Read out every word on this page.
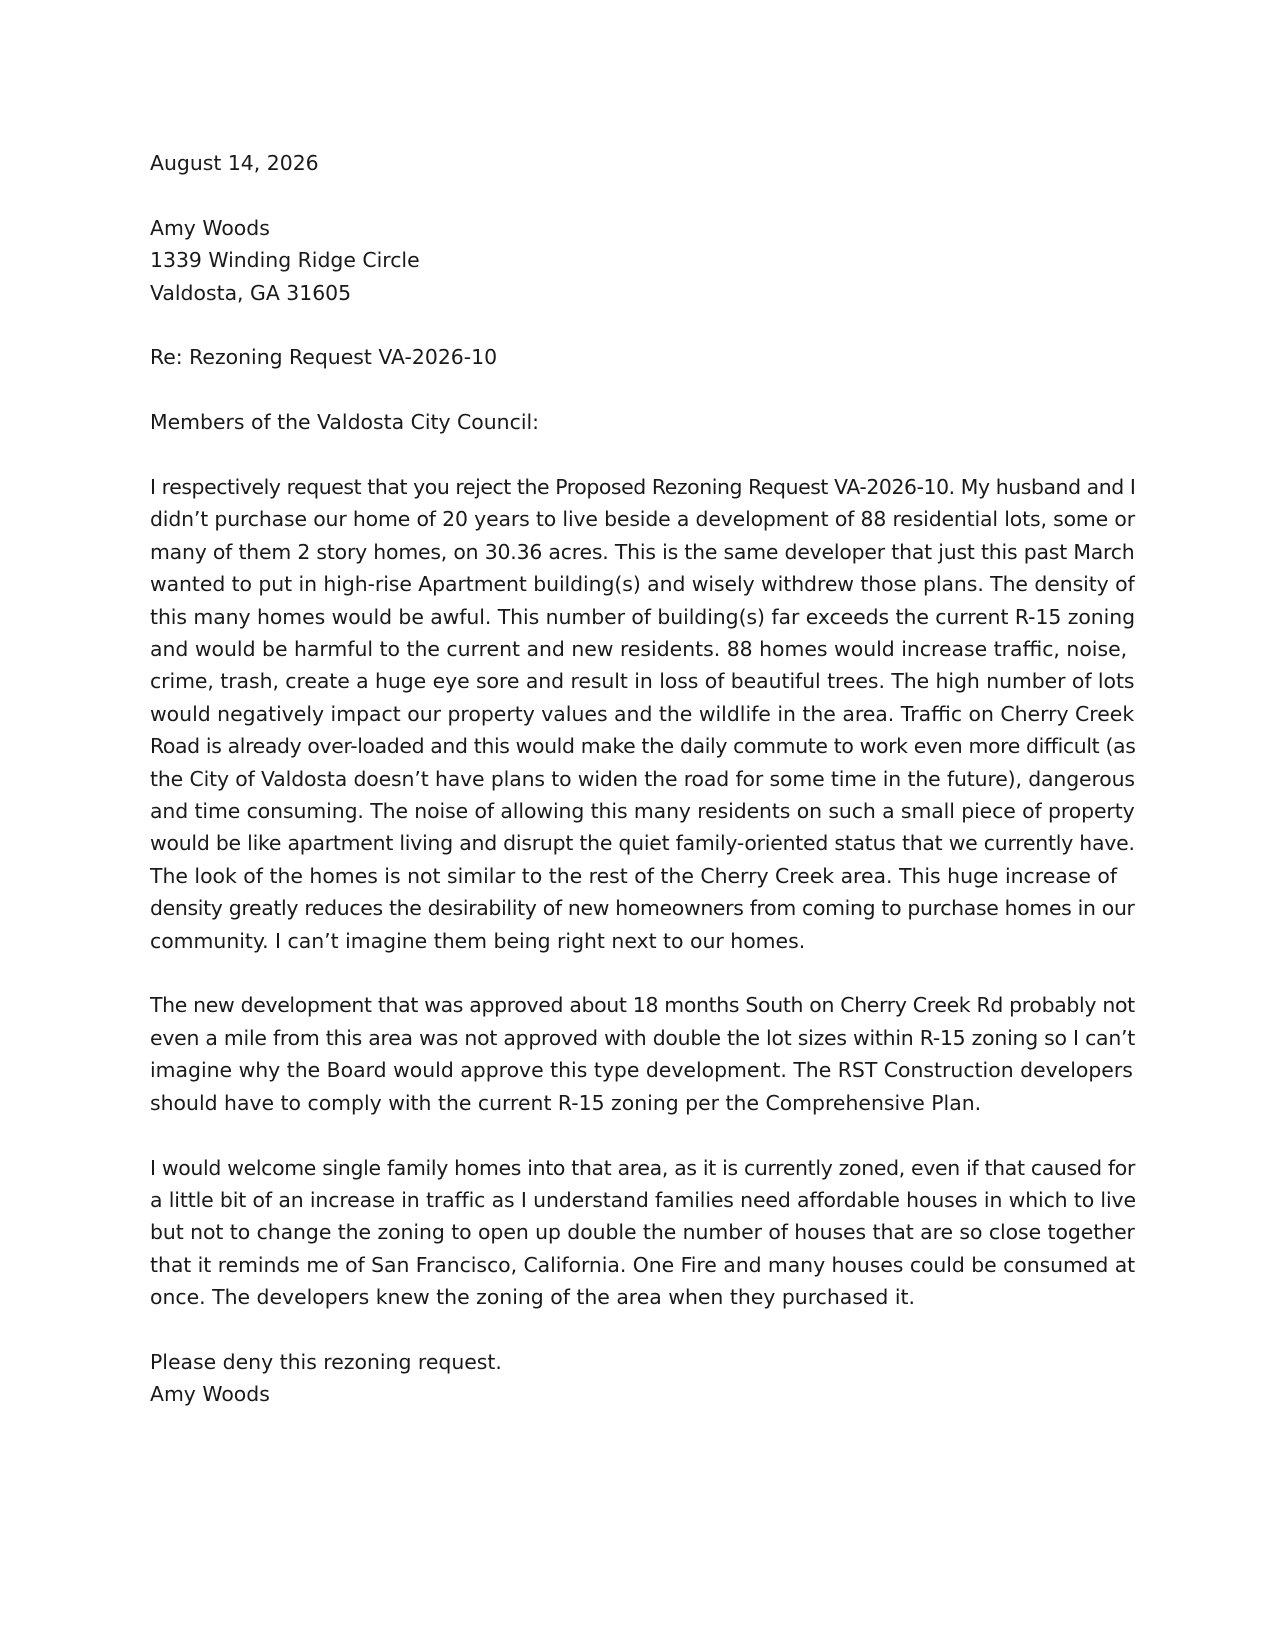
August 14, 2026
Amy Woods
1339 Winding Ridge Circle
Valdosta, GA 31605
Re: Rezoning Request VA-2026-10
Members of the Valdosta City Council:
I respectively request that you reject the Proposed Rezoning Request VA-2026-10. My husband and I
didn’t purchase our home of 20 years to live beside a development of 88 residential lots, some or
many of them 2 story homes, on 30.36 acres. This is the same developer that just this past March
wanted to put in high-rise Apartment building(s) and wisely withdrew those plans. The density of
this many homes would be awful. This number of building(s) far exceeds the current R-15 zoning
and would be harmful to the current and new residents. 88 homes would increase traffic, noise,
crime, trash, create a huge eye sore and result in loss of beautiful trees. The high number of lots
would negatively impact our property values and the wildlife in the area. Traffic on Cherry Creek
Road is already over-loaded and this would make the daily commute to work even more difficult (as
the City of Valdosta doesn’t have plans to widen the road for some time in the future), dangerous
and time consuming. The noise of allowing this many residents on such a small piece of property
would be like apartment living and disrupt the quiet family-oriented status that we currently have.
The look of the homes is not similar to the rest of the Cherry Creek area. This huge increase of
density greatly reduces the desirability of new homeowners from coming to purchase homes in our
community. I can’t imagine them being right next to our homes.
The new development that was approved about 18 months South on Cherry Creek Rd probably not
even a mile from this area was not approved with double the lot sizes within R-15 zoning so I can’t
imagine why the Board would approve this type development. The RST Construction developers
should have to comply with the current R-15 zoning per the Comprehensive Plan.
I would welcome single family homes into that area, as it is currently zoned, even if that caused for
a little bit of an increase in traffic as I understand families need affordable houses in which to live
but not to change the zoning to open up double the number of houses that are so close together
that it reminds me of San Francisco, California. One Fire and many houses could be consumed at
once. The developers knew the zoning of the area when they purchased it.
Please deny this rezoning request.
Amy Woods
